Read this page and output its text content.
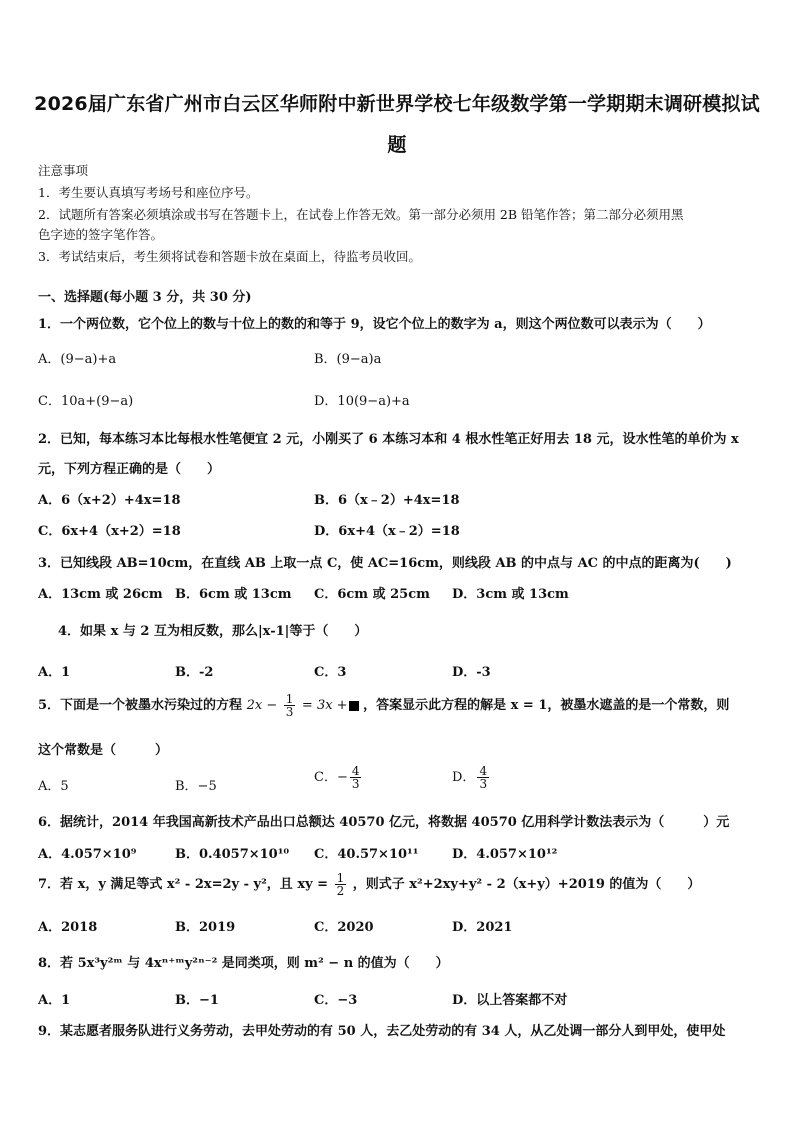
2026届广东省广州市白云区华师附中新世界学校七年级数学第一学期期末调研模拟试
题
注意事项
1．考生要认真填写考场号和座位序号。
2．试题所有答案必须填涂或书写在答题卡上，在试卷上作答无效。第一部分必须用 2B 铅笔作答；第二部分必须用黑
色字迹的签字笔作答。
3．考试结束后，考生须将试卷和答题卡放在桌面上，待监考员收回。
一、选择题(每小题 3 分，共 30 分)
1．一个两位数，它个位上的数与十位上的数的和等于 9，设它个位上的数字为 a，则这个两位数可以表示为（　　）
A．(9−a)+a	B．(9−a)a
C．10a+(9−a)	D．10(9−a)+a
2．已知，每本练习本比每根水性笔便宜 2 元，小刚买了 6 本练习本和 4 根水性笔正好用去 18 元，设水性笔的单价为 x
元，下列方程正确的是（　　）
A．6（x+2）+4x=18	B．6（x﹣2）+4x=18
C．6x+4（x+2）=18	D．6x+4（x﹣2）=18
3．已知线段 AB=10cm，在直线 AB 上取一点 C，使 AC=16cm，则线段 AB 的中点与 AC 的中点的距离为(　　)
A．13cm 或 26cm B．6cm 或 13cm C．6cm 或 25cm D．3cm 或 13cm
4．如果 x 与 2 互为相反数，那么|x-1|等于（　　）
A．1	B．-2	C．3	D．-3
5．下面是一个被墨水污染过的方程 $2x - \frac{1}{3} = 3x$ + ，答案显示此方程的解是 x = 1，被墨水遮盖的是一个常数，则
这个常数是（　　　）
A．5	B．−5
C．− $\frac{4}{3}$	D． $\frac{4}{3}$
6．据统计，2014 年我国高新技术产品出口总额达 40570 亿元，将数据 40570 亿用科学计数法表示为（　　　）元
A．4.057×10⁹	B．0.4057×10¹⁰ C．40.57×10¹¹	D．4.057×10¹²
7．若 x，y 满足等式 x² - 2x=2y - y²，且 xy = $\frac{1}{2}$ ，则式子 x²+2xy+y² - 2（x+y）+2019 的值为（　　）
A．2018	B．2019	C．2020	D．2021
8．若 5x³y²ᵐ 与 4xⁿ⁺ᵐy²ⁿ⁻² 是同类项，则 m² − n 的值为（　　）
A．1	B．−1	C．−3	D．以上答案都不对
9．某志愿者服务队进行义务劳动，去甲处劳动的有 50 人，去乙处劳动的有 34 人，从乙处调一部分人到甲处，使甲处
